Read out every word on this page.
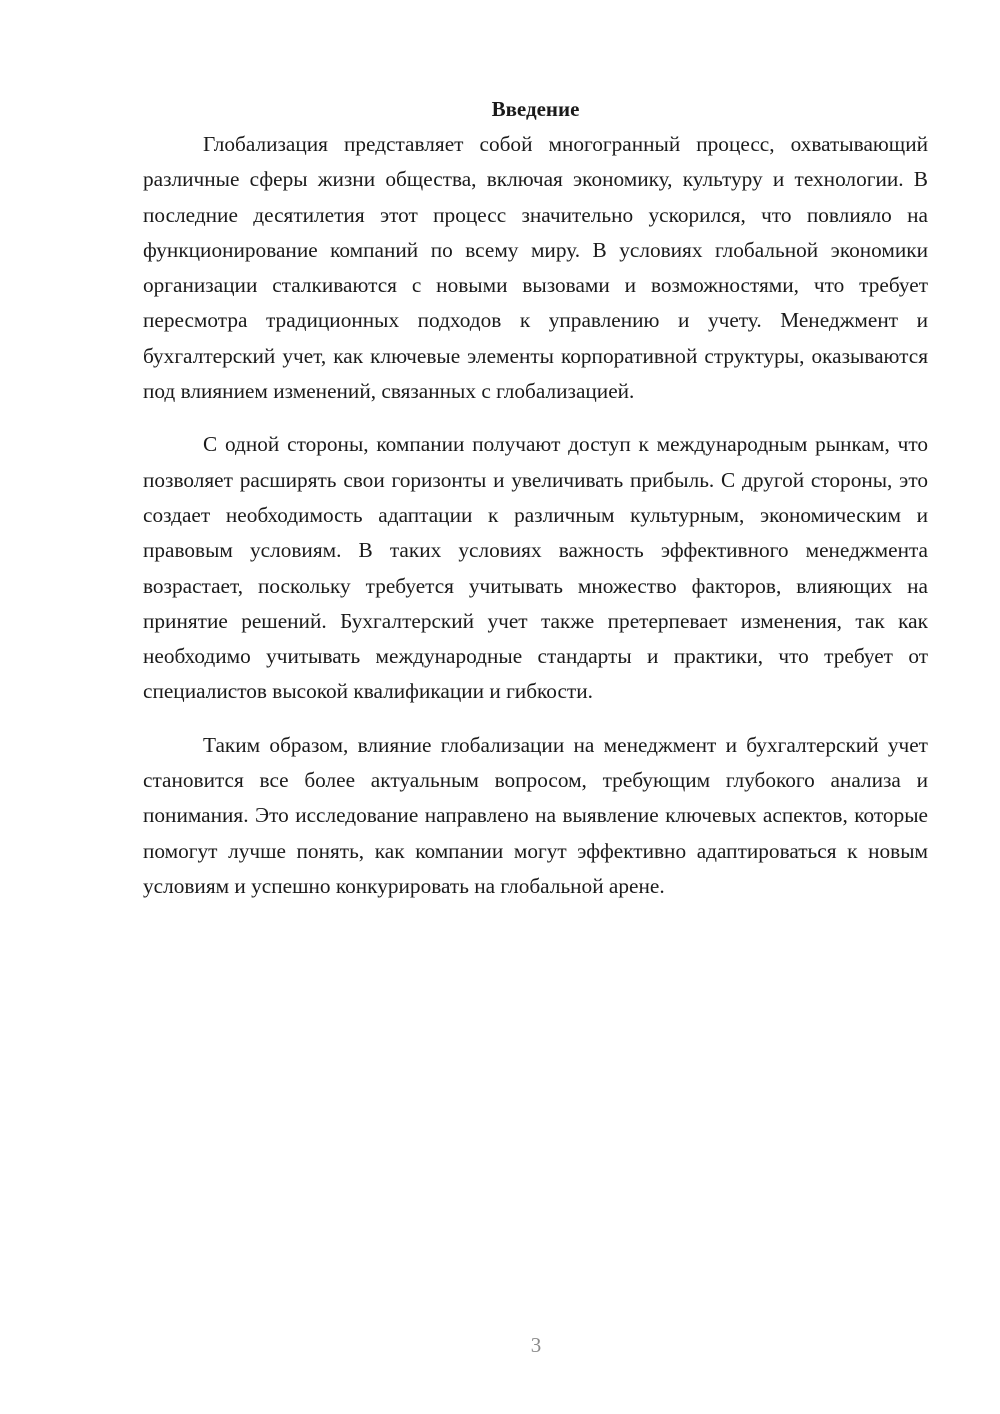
Введение

Глобализация представляет собой многогранный процесс, охватывающий различные сферы жизни общества, включая экономику, культуру и технологии. В последние десятилетия этот процесс значительно ускорился, что повлияло на функционирование компаний по всему миру. В условиях глобальной экономики организации сталкиваются с новыми вызовами и возможностями, что требует пересмотра традиционных подходов к управлению и учету. Менеджмент и бухгалтерский учет, как ключевые элементы корпоративной структуры, оказываются под влиянием изменений, связанных с глобализацией.

С одной стороны, компании получают доступ к международным рынкам, что позволяет расширять свои горизонты и увеличивать прибыль. С другой стороны, это создает необходимость адаптации к различным культурным, экономическим и правовым условиям. В таких условиях важность эффективного менеджмента возрастает, поскольку требуется учитывать множество факторов, влияющих на принятие решений. Бухгалтерский учет также претерпевает изменения, так как необходимо учитывать международные стандарты и практики, что требует от специалистов высокой квалификации и гибкости.

Таким образом, влияние глобализации на менеджмент и бухгалтерский учет становится все более актуальным вопросом, требующим глубокого анализа и понимания. Это исследование направлено на выявление ключевых аспектов, которые помогут лучше понять, как компании могут эффективно адаптироваться к новым условиям и успешно конкурировать на глобальной арене.

3
